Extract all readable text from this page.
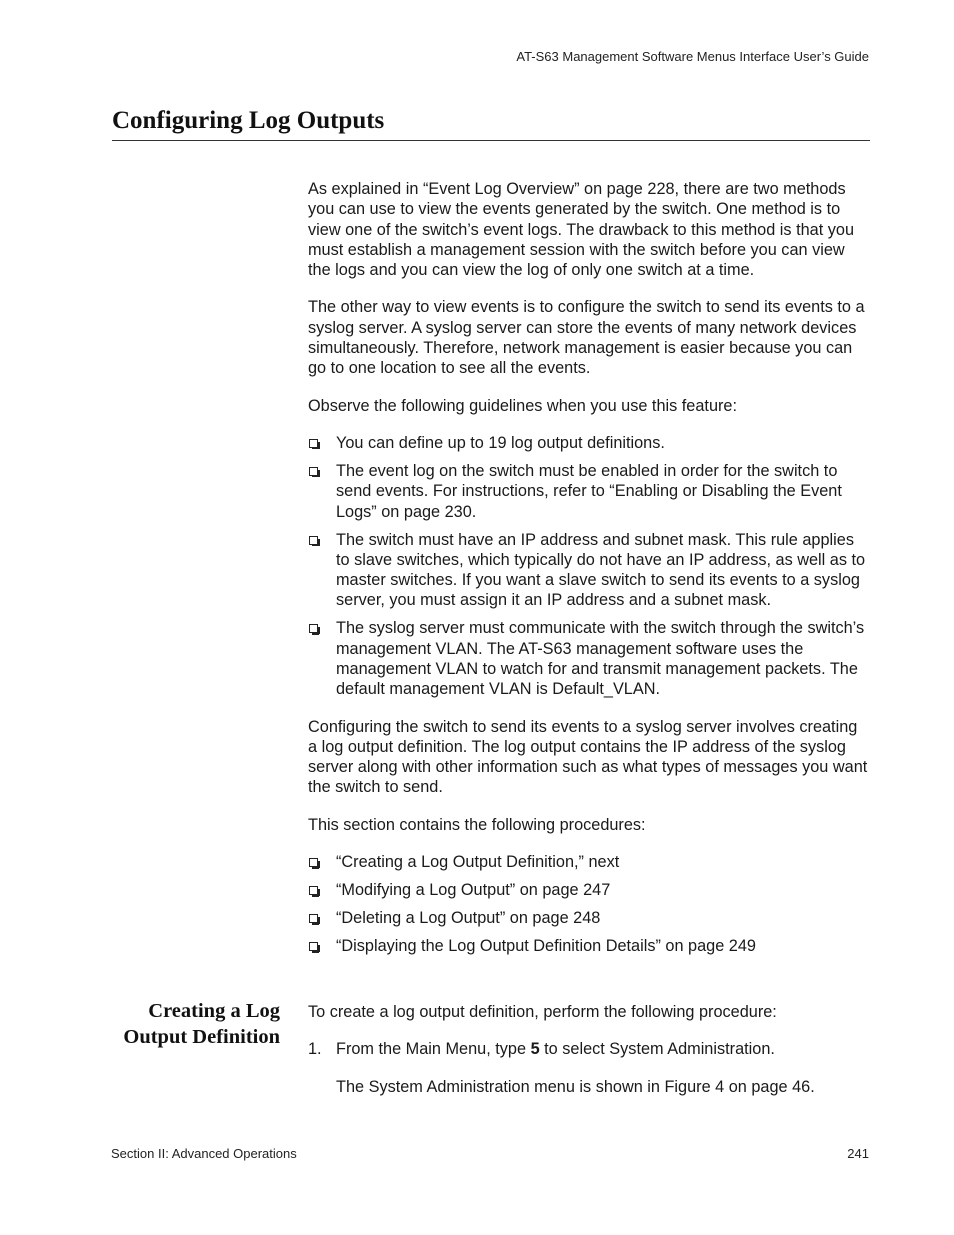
AT-S63 Management Software Menus Interface User’s Guide
Configuring Log Outputs

As explained in “Event Log Overview” on page 228, there are two methods you can use to view the events generated by the switch. One method is to view one of the switch’s event logs. The drawback to this method is that you must establish a management session with the switch before you can view the logs and you can view the log of only one switch at a time.

The other way to view events is to configure the switch to send its events to a syslog server. A syslog server can store the events of many network devices simultaneously. Therefore, network management is easier because you can go to one location to see all the events.

Observe the following guidelines when you use this feature:

You can define up to 19 log output definitions.
The event log on the switch must be enabled in order for the switch to send events. For instructions, refer to “Enabling or Disabling the Event Logs” on page 230.
The switch must have an IP address and subnet mask. This rule applies to slave switches, which typically do not have an IP address, as well as to master switches. If you want a slave switch to send its events to a syslog server, you must assign it an IP address and a subnet mask.
The syslog server must communicate with the switch through the switch’s management VLAN. The AT-S63 management software uses the management VLAN to watch for and transmit management packets. The default management VLAN is Default_VLAN.

Configuring the switch to send its events to a syslog server involves creating a log output definition. The log output contains the IP address of the syslog server along with other information such as what types of messages you want the switch to send.

This section contains the following procedures:

“Creating a Log Output Definition,” next
“Modifying a Log Output” on page 247
“Deleting a Log Output” on page 248
“Displaying the Log Output Definition Details” on page 249
Creating a Log
Output Definition

To create a log output definition, perform the following procedure:

1. From the Main Menu, type 5 to select System Administration.

The System Administration menu is shown in Figure 4 on page 46.

Section II: Advanced Operations	241
